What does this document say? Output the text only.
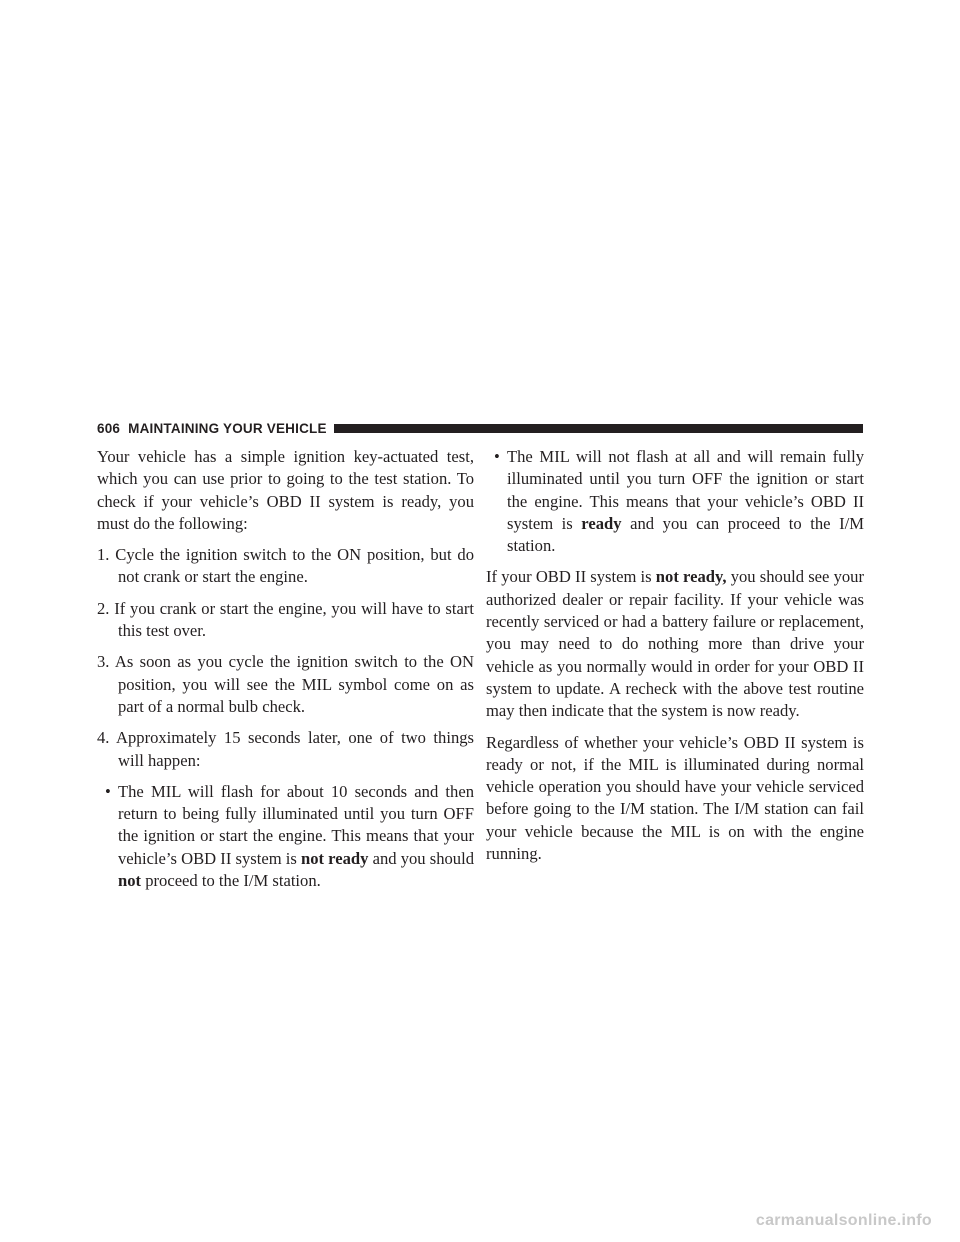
606 MAINTAINING YOUR VEHICLE

Your vehicle has a simple ignition key-actuated test, which you can use prior to going to the test station. To check if your vehicle’s OBD II system is ready, you must do the following:

1. Cycle the ignition switch to the ON position, but do not crank or start the engine.

2. If you crank or start the engine, you will have to start this test over.

3. As soon as you cycle the ignition switch to the ON position, you will see the MIL symbol come on as part of a normal bulb check.

4. Approximately 15 seconds later, one of two things will happen:

• The MIL will flash for about 10 seconds and then return to being fully illuminated until you turn OFF the ignition or start the engine. This means that your vehicle’s OBD II system is not ready and you should not proceed to the I/M station.

• The MIL will not flash at all and will remain fully illuminated until you turn OFF the ignition or start the engine. This means that your vehicle’s OBD II system is ready and you can proceed to the I/M station.

If your OBD II system is not ready, you should see your authorized dealer or repair facility. If your vehicle was recently serviced or had a battery failure or replacement, you may need to do nothing more than drive your vehicle as you normally would in order for your OBD II system to update. A recheck with the above test routine may then indicate that the system is now ready.

Regardless of whether your vehicle’s OBD II system is ready or not, if the MIL is illuminated during normal vehicle operation you should have your vehicle serviced before going to the I/M station. The I/M station can fail your vehicle because the MIL is on with the engine running.

carmanualsonline.info
